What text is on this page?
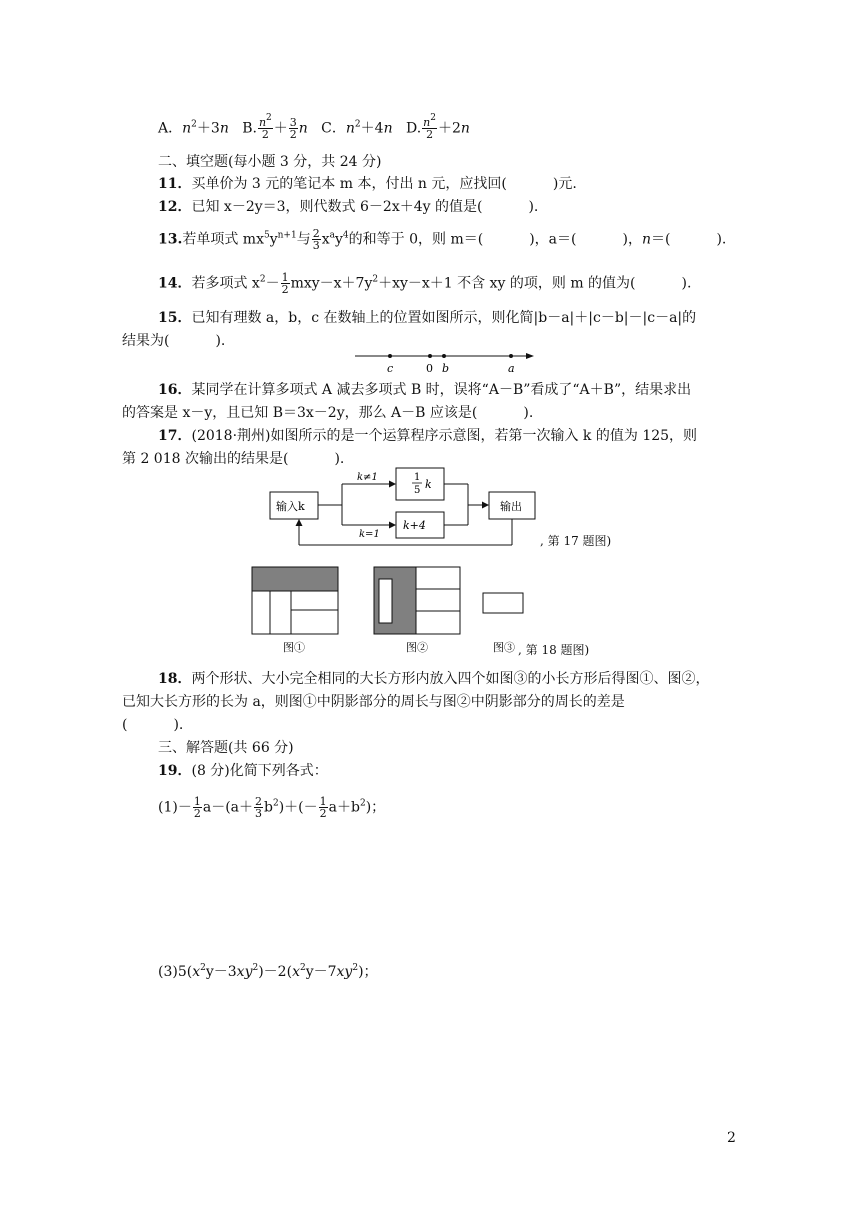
A．$n^2+3n$ B. $\frac{n^2}{2} + \frac{3}{2}$ n C．$n^2+4n$ D. $\frac{n^2}{2} +2n$
二、填空题(每小题 3 分，共 24 分)
11．买单价为 3 元的笔记本 m 本，付出 n 元，应找回(	)元.
12．已知 x－2y＝3，则代数式 6－2x＋4y 的值是(	).
13.若单项式 $mx^5y^{n+1}$与 $\frac{2}{3} x^ay^4$的和等于 0，则 m＝(	)，a＝(	)，n＝(	).
14．若多项式 $x^2- \frac{1}{2} mxy-x+7y^2+xy-x+1$ 不含 xy 的项，则 m 的值为(	).
15．已知有理数 a，b，c 在数轴上的位置如图所示，则化简|b－a|＋|c－b|－|c－a|的
结果为(	).
c	0 b	a
16．某同学在计算多项式 A 减去多项式 B 时，误将“A－B”看成了“A＋B”，结果求出
的答案是 x－y，且已知 B＝3x－2y，那么 A－B 应该是(	).
17．(2018·荆州)如图所示的是一个运算程序示意图，若第一次输入 k 的值为 125，则
第 2 018 次输出的结果是(	).
输入k
k≠1
k=1
1
5 k
k+4
输出
, 第 17 题图)
图①	图②	图③ , 第 18 题图)
18．两个形状、大小完全相同的大长方形内放入四个如图③的小长方形后得图①、图②，
已知大长方形的长为 a，则图①中阴影部分的周长与图②中阴影部分的周长的差是
(	).
三、解答题(共 66 分)
19．(8 分)化简下列各式：
$(1)- \frac{1}{2} a-(a+ \frac{2}{3} b^2)+(- \frac{1}{2} a+b^2)$；
$(3)5(x^2y-3xy^2)-2(x^2y-7xy^2)$；
2
